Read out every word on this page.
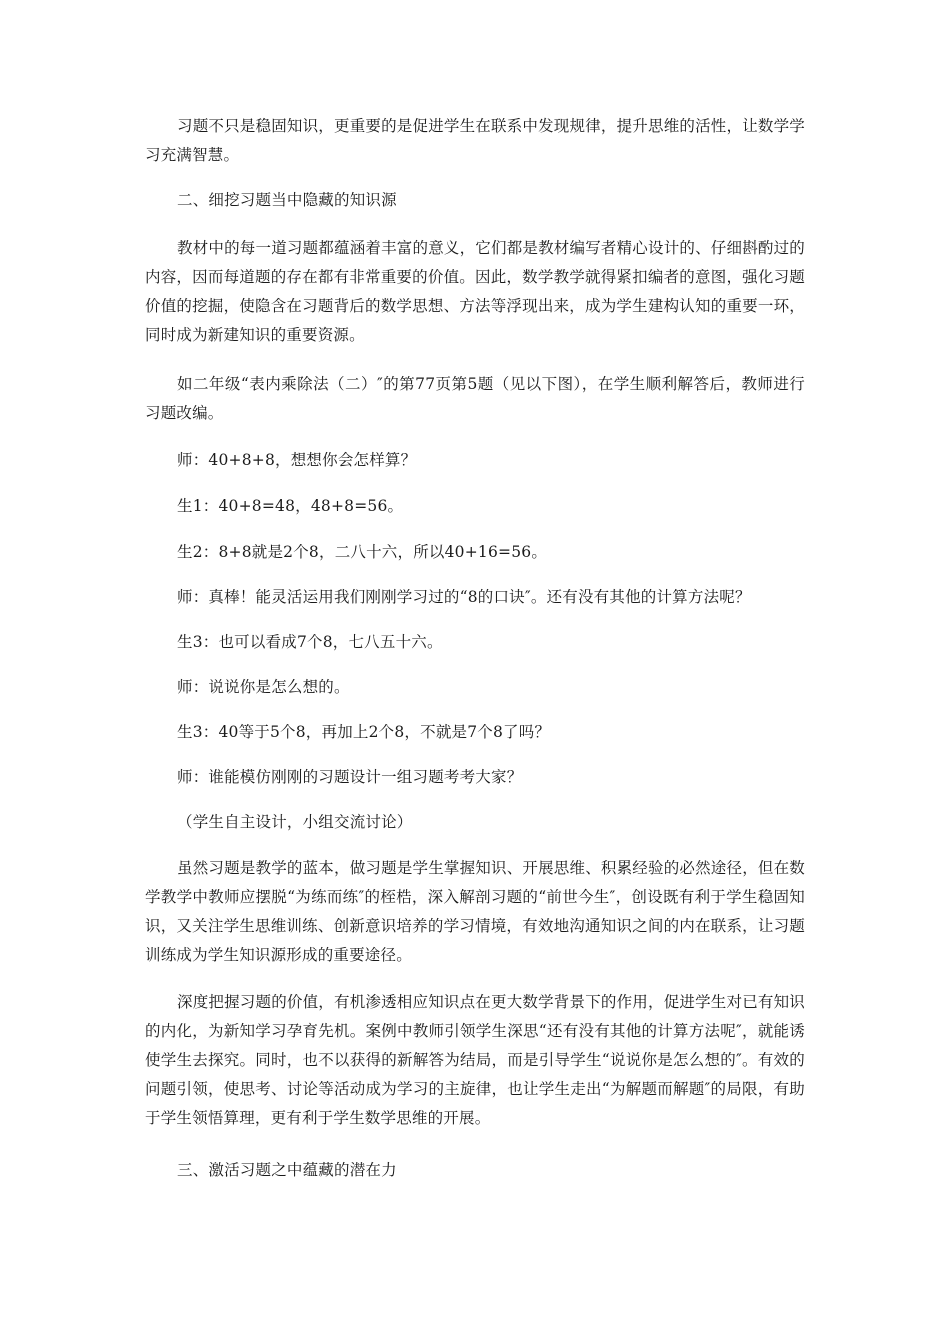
习题不只是稳固知识，更重要的是促进学生在联系中发现规律，提升思维的活性，让数学学习充满智慧。

二、细挖习题当中隐藏的知识源

教材中的每一道习题都蕴涵着丰富的意义，它们都是教材编写者精心设计的、仔细斟酌过的内容，因而每道题的存在都有非常重要的价值。因此，数学教学就得紧扣编者的意图，强化习题价值的挖掘，使隐含在习题背后的数学思想、方法等浮现出来，成为学生建构认知的重要一环，同时成为新建知识的重要资源。

如二年级“表内乘除法（二）″的第77页第5题（见以下图），在学生顺利解答后，教师进行习题改编。

师：40+8+8，想想你会怎样算？

生1：40+8=48，48+8=56。

生2：8+8就是2个8，二八十六，所以40+16=56。

师：真棒！能灵活运用我们刚刚学习过的“8的口诀″。还有没有其他的计算方法呢？

生3：也可以看成7个8，七八五十六。

师：说说你是怎么想的。

生3：40等于5个8，再加上2个8，不就是7个8了吗？

师：谁能模仿刚刚的习题设计一组习题考考大家？

（学生自主设计，小组交流讨论）

虽然习题是教学的蓝本，做习题是学生掌握知识、开展思维、积累经验的必然途径，但在数学教学中教师应摆脱“为练而练″的桎梏，深入解剖习题的“前世今生″，创设既有利于学生稳固知识，又关注学生思维训练、创新意识培养的学习情境，有效地沟通知识之间的内在联系，让习题训练成为学生知识源形成的重要途径。

深度把握习题的价值，有机渗透相应知识点在更大数学背景下的作用，促进学生对已有知识的内化，为新知学习孕育先机。案例中教师引领学生深思“还有没有其他的计算方法呢″，就能诱使学生去探究。同时，也不以获得的新解答为结局，而是引导学生“说说你是怎么想的″。有效的问题引领，使思考、讨论等活动成为学习的主旋律，也让学生走出“为解题而解题″的局限，有助于学生领悟算理，更有利于学生数学思维的开展。

三、激活习题之中蕴藏的潜在力
